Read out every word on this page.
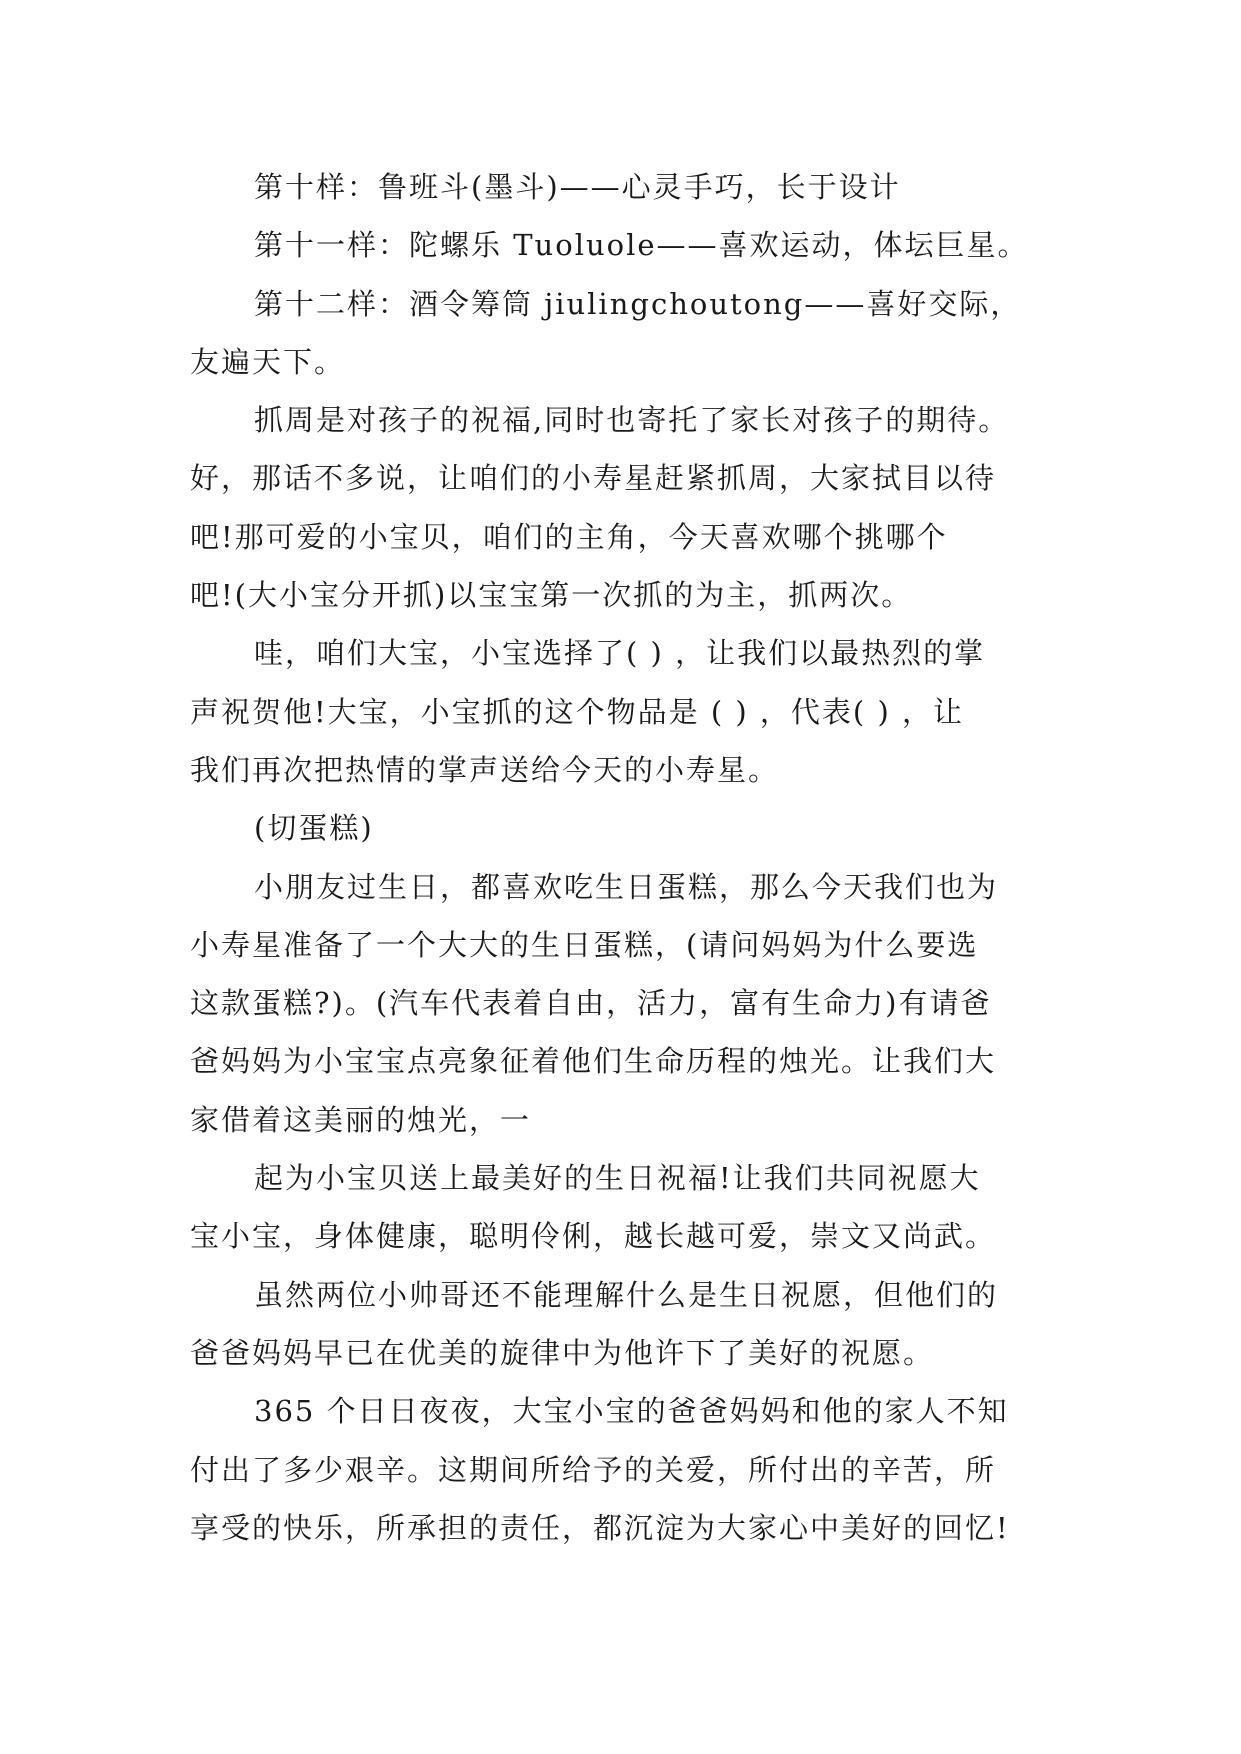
第十样：鲁班斗(墨斗)——心灵手巧，长于设计
第十一样：陀螺乐 Tuoluole——喜欢运动，体坛巨星。
第十二样：酒令筹筒 jiulingchoutong——喜好交际，
友遍天下。
抓周是对孩子的祝福,同时也寄托了家长对孩子的期待。
好，那话不多说，让咱们的小寿星赶紧抓周，大家拭目以待
吧!那可爱的小宝贝，咱们的主角，今天喜欢哪个挑哪个
吧!(大小宝分开抓)以宝宝第一次抓的为主，抓两次。
哇，咱们大宝，小宝选择了( ) ，让我们以最热烈的掌
声祝贺他!大宝，小宝抓的这个物品是 ( ) ，代表( ) ，让
我们再次把热情的掌声送给今天的小寿星。
(切蛋糕)
小朋友过生日，都喜欢吃生日蛋糕，那么今天我们也为
小寿星准备了一个大大的生日蛋糕，(请问妈妈为什么要选
这款蛋糕?)。(汽车代表着自由，活力，富有生命力)有请爸
爸妈妈为小宝宝点亮象征着他们生命历程的烛光。让我们大
家借着这美丽的烛光，一
起为小宝贝送上最美好的生日祝福!让我们共同祝愿大
宝小宝，身体健康，聪明伶俐，越长越可爱，崇文又尚武。
虽然两位小帅哥还不能理解什么是生日祝愿，但他们的
爸爸妈妈早已在优美的旋律中为他许下了美好的祝愿。
365 个日日夜夜，大宝小宝的爸爸妈妈和他的家人不知
付出了多少艰辛。这期间所给予的关爱，所付出的辛苦，所
享受的快乐，所承担的责任，都沉淀为大家心中美好的回忆!
